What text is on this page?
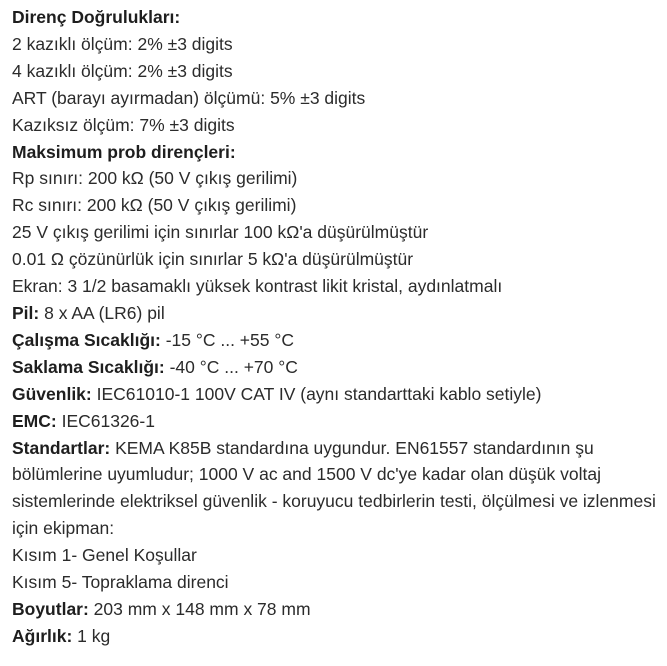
Direnç Doğrulukları:
2 kazıklı ölçüm: 2% ±3 digits
4 kazıklı ölçüm: 2% ±3 digits
ART (barayı ayırmadan) ölçümü: 5% ±3 digits
Kazıksız ölçüm: 7% ±3 digits
Maksimum prob dirençleri:
Rp sınırı: 200 kΩ (50 V çıkış gerilimi)
Rc sınırı: 200 kΩ (50 V çıkış gerilimi)
25 V çıkış gerilimi için sınırlar 100 kΩ'a düşürülmüştür
0.01 Ω çözünürlük için sınırlar 5 kΩ'a düşürülmüştür
Ekran: 3 1/2 basamaklı yüksek kontrast likit kristal, aydınlatmalı
Pil: 8 x AA (LR6) pil
Çalışma Sıcaklığı: -15 °C ... +55 °C
Saklama Sıcaklığı: -40 °C ... +70 °C
Güvenlik: IEC61010-1 100V CAT IV (aynı standarttaki kablo setiyle)
EMC: IEC61326-1
Standartlar: KEMA K85B standardına uygundur. EN61557 standardının şu bölümlerine uyumludur; 1000 V ac and 1500 V dc'ye kadar olan düşük voltaj sistemlerinde elektriksel güvenlik - koruyucu tedbirlerin testi, ölçülmesi ve izlenmesi için ekipman:
Kısım 1- Genel Koşullar
Kısım 5- Topraklama direnci
Boyutlar: 203 mm x 148 mm x 78 mm
Ağırlık: 1 kg
